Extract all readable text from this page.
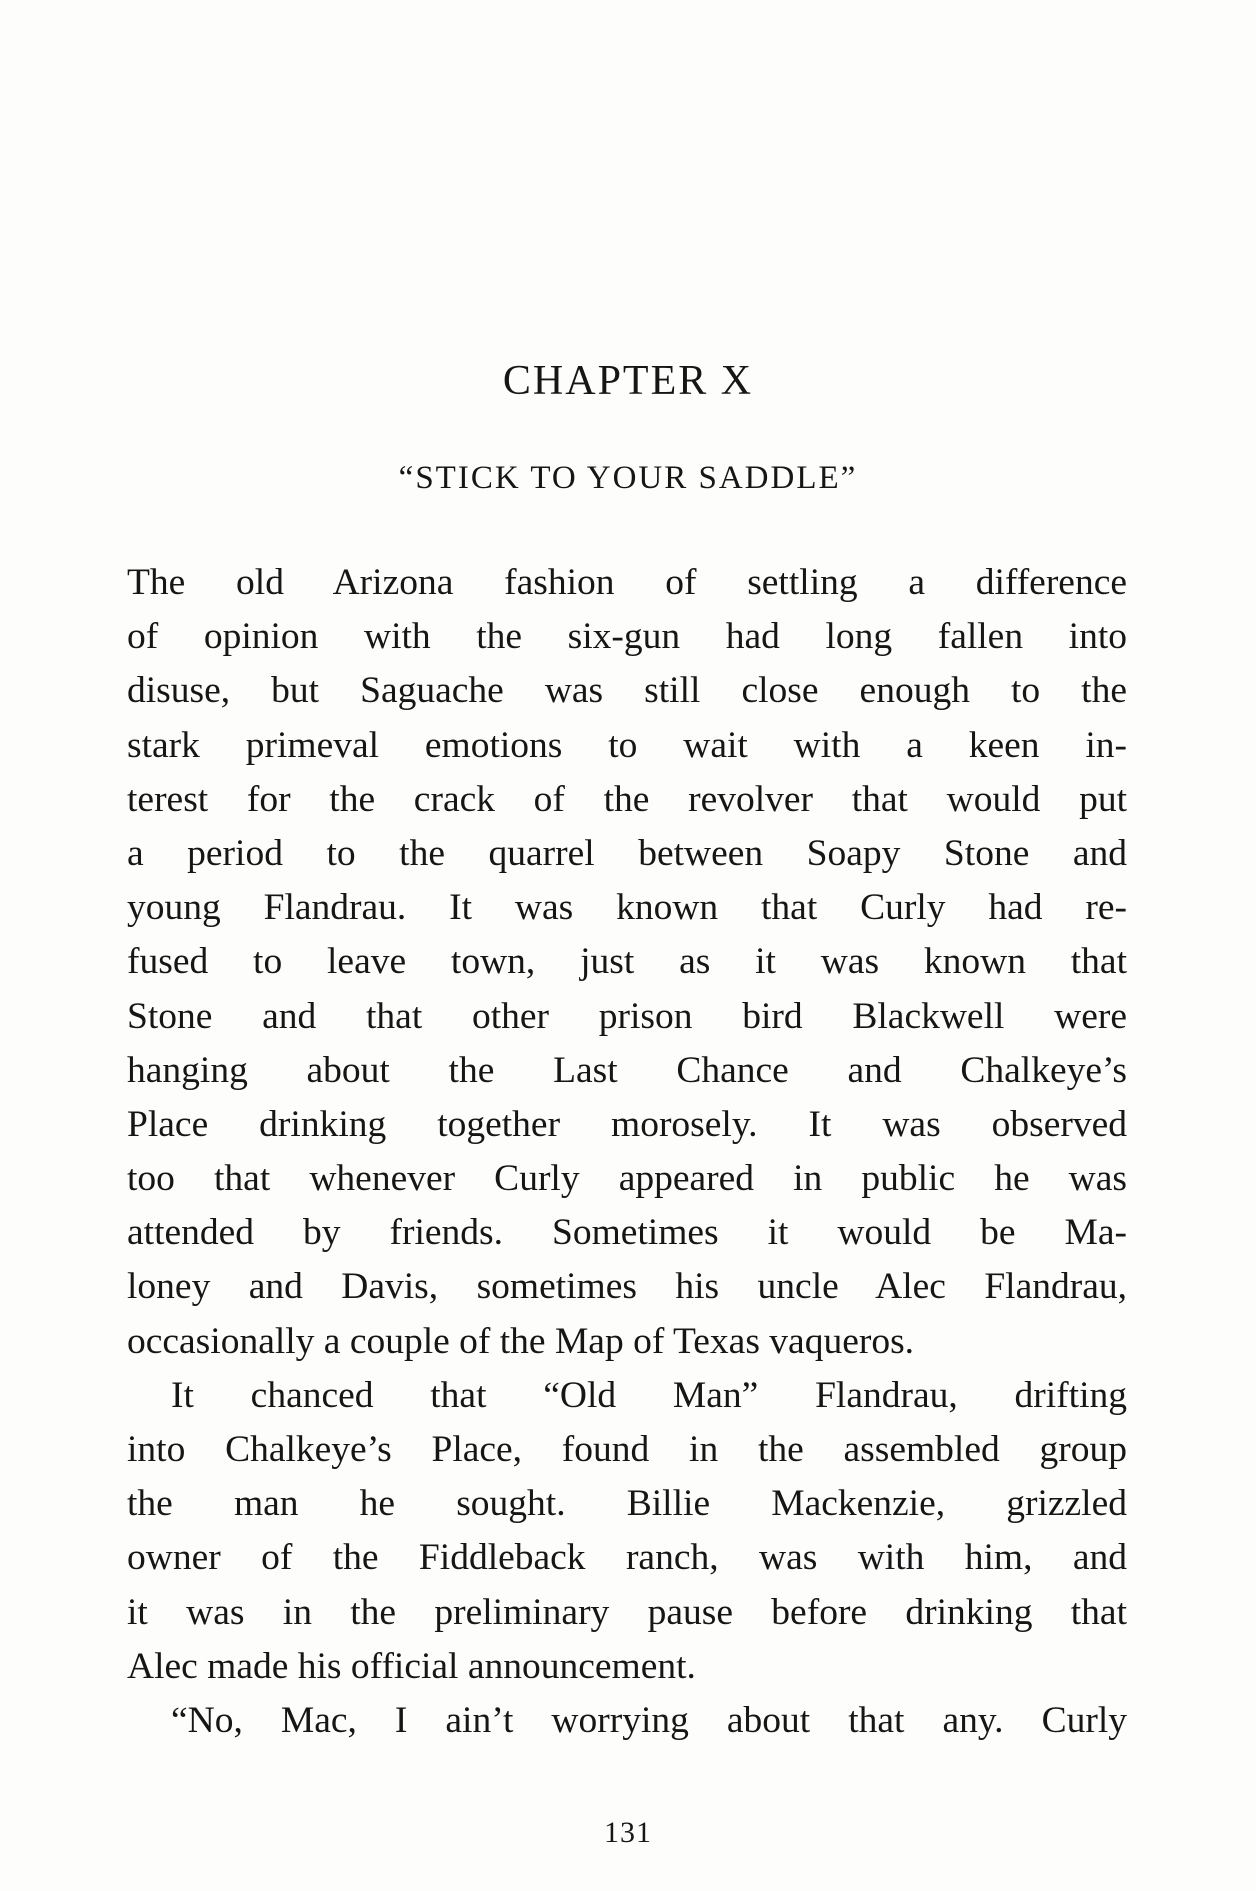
CHAPTER X
“STICK TO YOUR SADDLE”
The old Arizona fashion of settling a difference
of opinion with the six-gun had long fallen into
disuse, but Saguache was still close enough to the
stark primeval emotions to wait with a keen in-
terest for the crack of the revolver that would put
a period to the quarrel between Soapy Stone and
young Flandrau. It was known that Curly had re-
fused to leave town, just as it was known that
Stone and that other prison bird Blackwell were
hanging about the Last Chance and Chalkeye’s
Place drinking together morosely. It was observed
too that whenever Curly appeared in public he was
attended by friends. Sometimes it would be Ma-
loney and Davis, sometimes his uncle Alec Flandrau,
occasionally a couple of the Map of Texas vaqueros.
It chanced that “Old Man” Flandrau, drifting
into Chalkeye’s Place, found in the assembled group
the man he sought. Billie Mackenzie, grizzled
owner of the Fiddleback ranch, was with him, and
it was in the preliminary pause before drinking that
Alec made his official announcement.
“No, Mac, I ain’t worrying about that any. Curly
131
